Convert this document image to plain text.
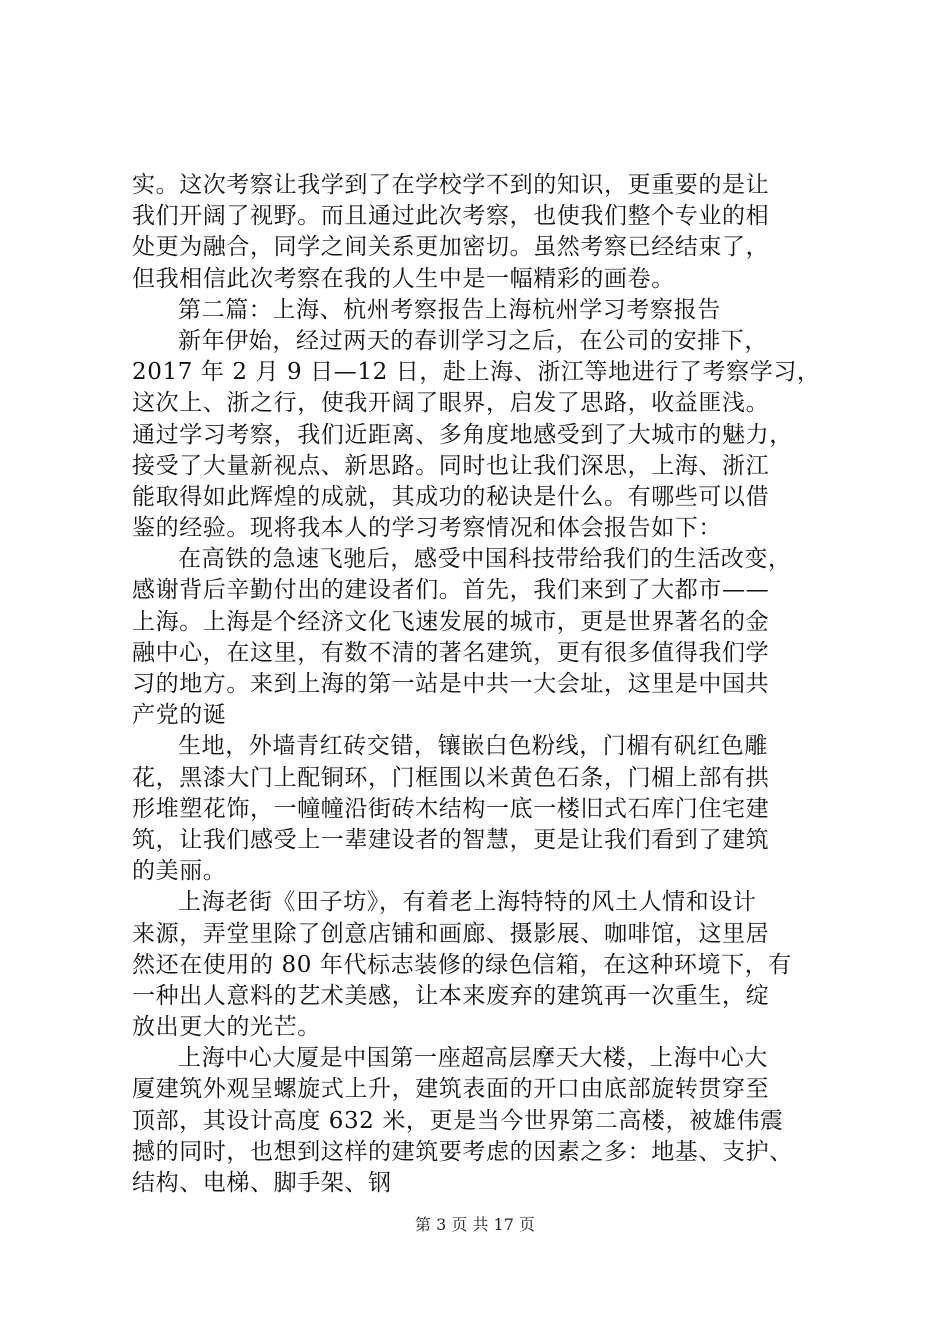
实。这次考察让我学到了在学校学不到的知识，更重要的是让
我们开阔了视野。而且通过此次考察，也使我们整个专业的相
处更为融合，同学之间关系更加密切。虽然考察已经结束了，
但我相信此次考察在我的人生中是一幅精彩的画卷。
第二篇：上海、杭州考察报告上海杭州学习考察报告
新年伊始，经过两天的春训学习之后，在公司的安排下，
2017 年 2 月 9 日—12 日，赴上海、浙江等地进行了考察学习，
这次上、浙之行，使我开阔了眼界，启发了思路，收益匪浅。
通过学习考察，我们近距离、多角度地感受到了大城市的魅力，
接受了大量新视点、新思路。同时也让我们深思，上海、浙江
能取得如此辉煌的成就，其成功的秘诀是什么。有哪些可以借
鉴的经验。现将我本人的学习考察情况和体会报告如下：
在高铁的急速飞驰后，感受中国科技带给我们的生活改变，
感谢背后辛勤付出的建设者们。首先，我们来到了大都市——
上海。上海是个经济文化飞速发展的城市，更是世界著名的金
融中心，在这里，有数不清的著名建筑，更有很多值得我们学
习的地方。来到上海的第一站是中共一大会址，这里是中国共
产党的诞
生地，外墙青红砖交错，镶嵌白色粉线，门楣有矾红色雕
花，黑漆大门上配铜环，门框围以米黄色石条，门楣上部有拱
形堆塑花饰，一幢幢沿街砖木结构一底一楼旧式石库门住宅建
筑，让我们感受上一辈建设者的智慧，更是让我们看到了建筑
的美丽。
上海老街《田子坊》，有着老上海特特的风土人情和设计
来源，弄堂里除了创意店铺和画廊、摄影展、咖啡馆，这里居
然还在使用的 80 年代标志装修的绿色信箱，在这种环境下，有
一种出人意料的艺术美感，让本来废弃的建筑再一次重生，绽
放出更大的光芒。
上海中心大厦是中国第一座超高层摩天大楼，上海中心大
厦建筑外观呈螺旋式上升，建筑表面的开口由底部旋转贯穿至
顶部，其设计高度 632 米，更是当今世界第二高楼，被雄伟震
撼的同时，也想到这样的建筑要考虑的因素之多：地基、支护、
结构、电梯、脚手架、钢
第 3 页 共 17 页
